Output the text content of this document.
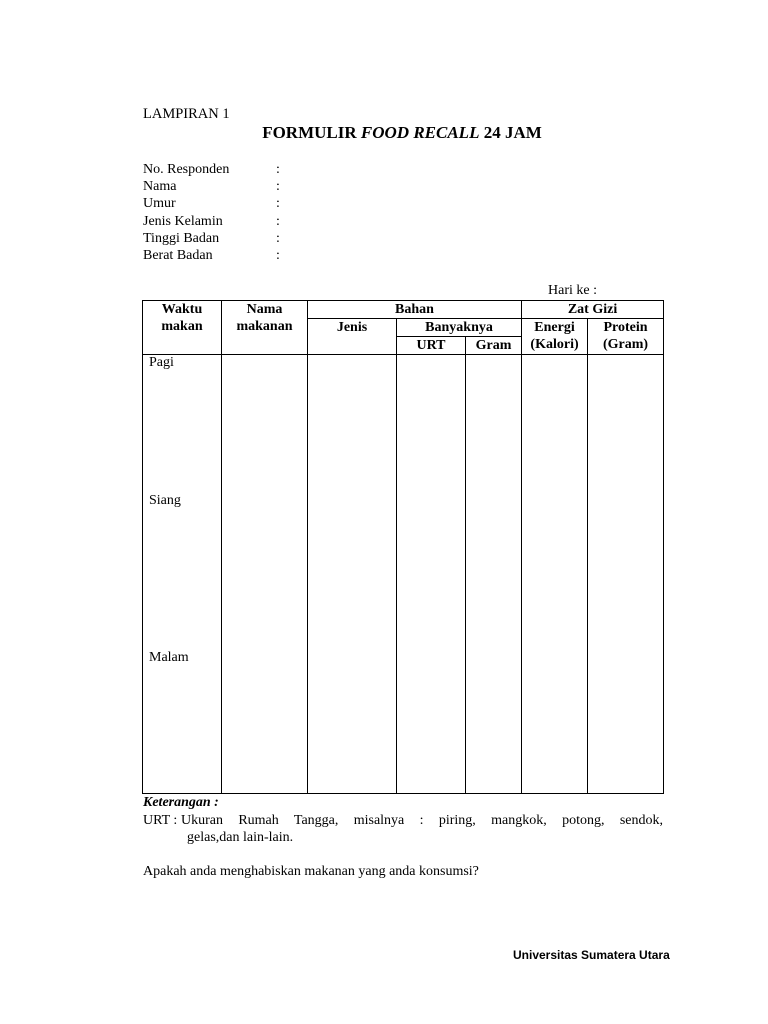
LAMPIRAN 1
FORMULIR FOOD RECALL 24 JAM
No. Responden	:
Nama	:
Umur	:
Jenis Kelamin	:
Tinggi Badan	:
Berat Badan	:
Hari ke :
Waktu makan	Nama makanan	Bahan			Zat Gizi	
		Jenis	Banyaknya		Energi (Kalori)	Protein (Gram)
			URT	Gram		

Pagi
Siang
Malam						

Keterangan :
URT : Ukuran Rumah Tangga, misalnya : piring, mangkok, potong, sendok,
gelas,dan lain-lain.
Apakah anda menghabiskan makanan yang anda konsumsi?
Universitas Sumatera Utara
